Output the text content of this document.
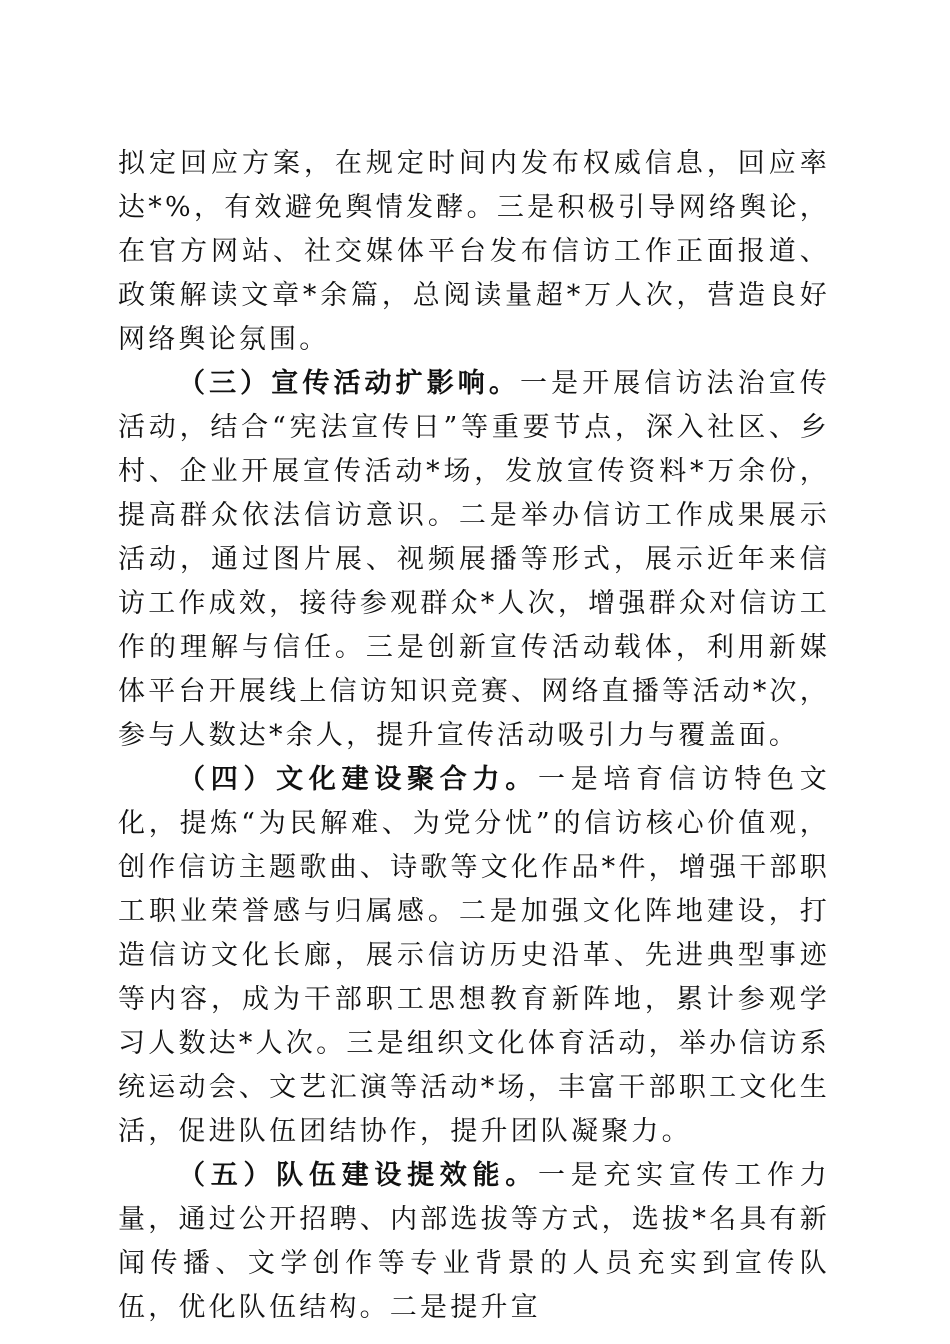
拟定回应方案，在规定时间内发布权威信息，回应率达*%，有效避免舆情发酵。三是积极引导网络舆论，在官方网站、社交媒体平台发布信访工作正面报道、政策解读文章*余篇，总阅读量超*万人次，营造良好网络舆论氛围。

（三）宣传活动扩影响。一是开展信访法治宣传活动，结合“宪法宣传日”等重要节点，深入社区、乡村、企业开展宣传活动*场，发放宣传资料*万余份，提高群众依法信访意识。二是举办信访工作成果展示活动，通过图片展、视频展播等形式，展示近年来信访工作成效，接待参观群众*人次，增强群众对信访工作的理解与信任。三是创新宣传活动载体，利用新媒体平台开展线上信访知识竞赛、网络直播等活动*次，参与人数达*余人，提升宣传活动吸引力与覆盖面。

（四）文化建设聚合力。一是培育信访特色文化，提炼“为民解难、为党分忧”的信访核心价值观，创作信访主题歌曲、诗歌等文化作品*件，增强干部职工职业荣誉感与归属感。二是加强文化阵地建设，打造信访文化长廊，展示信访历史沿革、先进典型事迹等内容，成为干部职工思想教育新阵地，累计参观学习人数达*人次。三是组织文化体育活动，举办信访系统运动会、文艺汇演等活动*场，丰富干部职工文化生活，促进队伍团结协作，提升团队凝聚力。

（五）队伍建设提效能。一是充实宣传工作力量，通过公开招聘、内部选拔等方式，选拔*名具有新闻传播、文学创作等专业背景的人员充实到宣传队伍，优化队伍结构。二是提升宣
